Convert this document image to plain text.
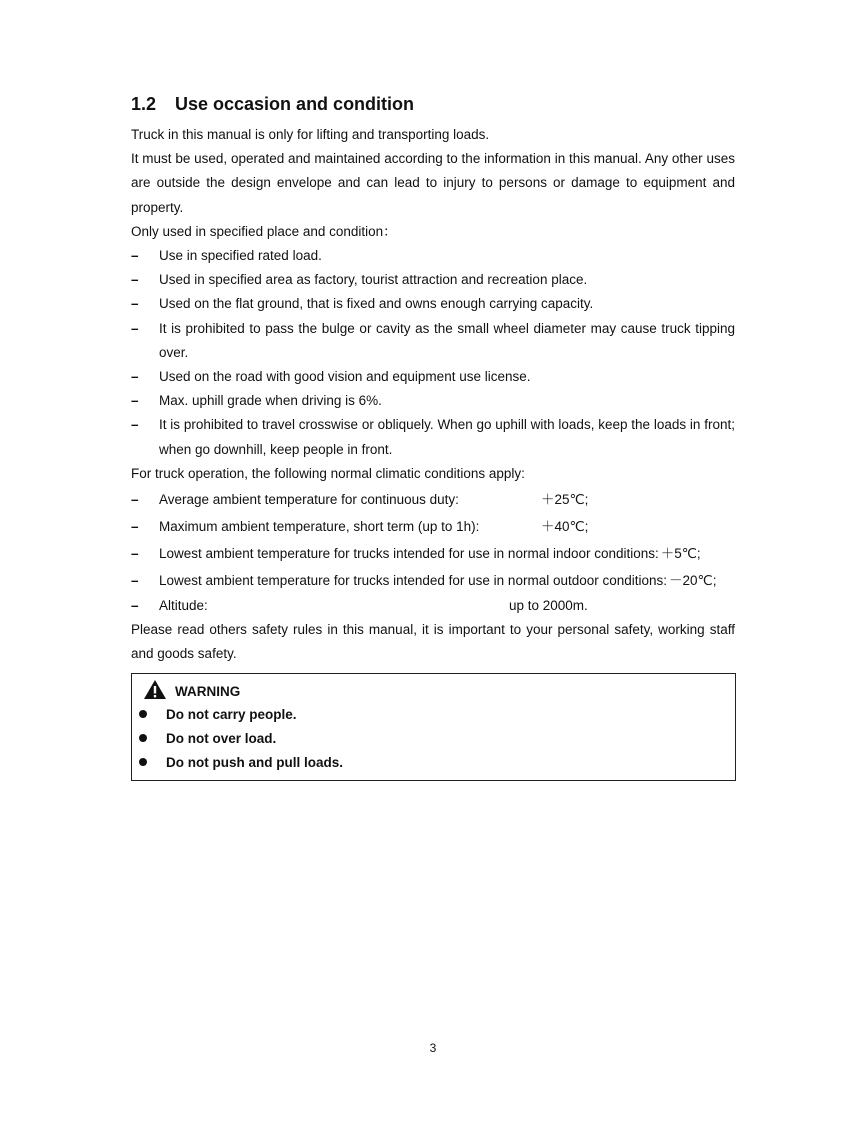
1.2 Use occasion and condition

Truck in this manual is only for lifting and transporting loads.

It must be used, operated and maintained according to the information in this manual. Any other uses are outside the design envelope and can lead to injury to persons or damage to equipment and property.

Only used in specified place and condition：

– Use in specified rated load.
– Used in specified area as factory, tourist attraction and recreation place.
– Used on the flat ground, that is fixed and owns enough carrying capacity.
– It is prohibited to pass the bulge or cavity as the small wheel diameter may cause truck tipping over.
– Used on the road with good vision and equipment use license.
– Max. uphill grade when driving is 6%.
– It is prohibited to travel crosswise or obliquely. When go uphill with loads, keep the loads in front; when go downhill, keep people in front.

For truck operation, the following normal climatic conditions apply:

– Average ambient temperature for continuous duty:	＋25℃;
– Maximum ambient temperature, short term (up to 1h):	＋40℃;
– Lowest ambient temperature for trucks intended for use in normal indoor conditions: ＋5℃;
– Lowest ambient temperature for trucks intended for use in normal outdoor conditions: －20℃;
– Altitude:	up to 2000m.

Please read others safety rules in this manual, it is important to your personal safety, working staff and goods safety.

WARNING
Do not carry people.
Do not over load.
Do not push and pull loads.
3
